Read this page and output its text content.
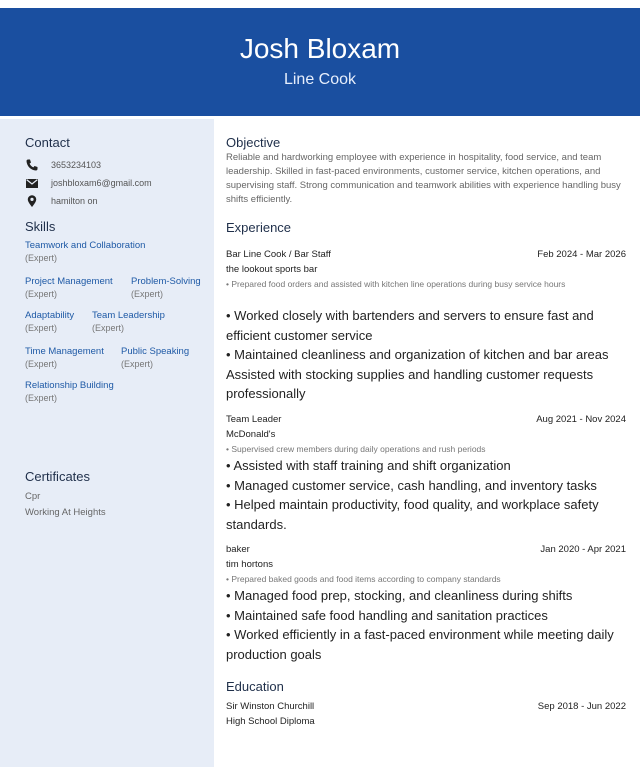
Josh Bloxam
Line Cook
Contact
3653234103
joshbloxam6@gmail.com
hamilton on
Skills
Teamwork and Collaboration
(Expert)
Project Management
(Expert)
Problem-Solving
(Expert)
Adaptability
(Expert)
Team Leadership
(Expert)
Time Management
(Expert)
Public Speaking
(Expert)
Relationship Building
(Expert)
Certificates
Cpr
Working At Heights
Objective
Reliable and hardworking employee with experience in hospitality, food service, and team leadership. Skilled in fast-paced environments, customer service, kitchen operations, and supervising staff. Strong communication and teamwork abilities with experience handling busy shifts efficiently.
Experience
Bar Line Cook / Bar Staff	Feb 2024 - Mar 2026
the lookout sports bar
• Prepared food orders and assisted with kitchen line operations during busy service hours
• Worked closely with bartenders and servers to ensure fast and efficient customer service
• Maintained cleanliness and organization of kitchen and bar areas
Assisted with stocking supplies and handling customer requests professionally
Team Leader	Aug 2021 - Nov 2024
McDonald's
• Supervised crew members during daily operations and rush periods
• Assisted with staff training and shift organization
• Managed customer service, cash handling, and inventory tasks
• Helped maintain productivity, food quality, and workplace safety standards.
baker	Jan 2020 - Apr 2021
tim hortons
• Prepared baked goods and food items according to company standards
• Managed food prep, stocking, and cleanliness during shifts
• Maintained safe food handling and sanitation practices
• Worked efficiently in a fast-paced environment while meeting daily production goals
Education
Sir Winston Churchill	Sep 2018 - Jun 2022
High School Diploma
